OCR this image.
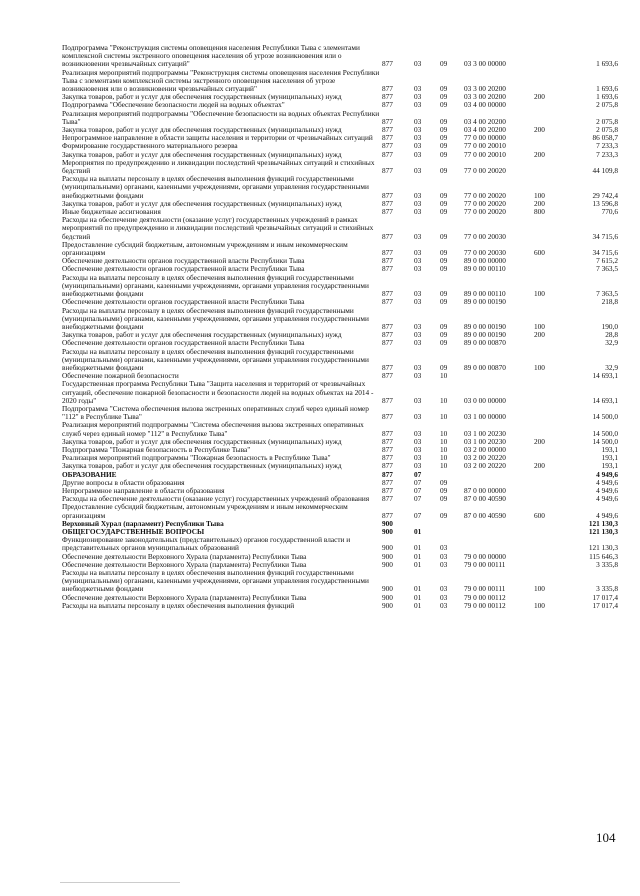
Подпрограмма "Реконструкция системы оповещения населения Республики Тыва с элементами комплексной системы экстренного оповещения населения об угрозе возникновения или о возникновении чрезвычайных ситуаций"	877	03	09	03 3 00 00000		1 693,6
Реализация мероприятий подпрограммы "Реконструкция системы оповещения населения Республики Тыва с элементами комплексной системы экстренного оповещения населения об угрозе возникновения или о возникновении чрезвычайных ситуаций"	877	03	09	03 3 00 20200		1 693,6
Закупка товаров, работ и услуг для обеспечения государственных (муниципальных) нужд	877	03	09	03 3 00 20200	200	1 693,6
Подпрограмма "Обеспечение безопасности людей на водных объектах"	877	03	09	03 4 00 00000		2 075,8
Реализация мероприятий подпрограммы "Обеспечение безопасности на водных объектах Республики Тыва"	877	03	09	03 4 00 20200		2 075,8
Закупка товаров, работ и услуг для обеспечения государственных (муниципальных) нужд	877	03	09	03 4 00 20200	200	2 075,8
Непрограммное направление в области защиты населения и территории от чрезвычайных ситуаций	877	03	09	77 0 00 00000		86 058,7
Формирование государственного материального резерва	877	03	09	77 0 00 20010		7 233,3
Закупка товаров, работ и услуг для обеспечения государственных (муниципальных) нужд	877	03	09	77 0 00 20010	200	7 233,3
Мероприятия по предупреждению и ликвидации последствий чрезвычайных ситуаций и стихийных бедствий	877	03	09	77 0 00 20020		44 109,8
Расходы на выплаты персоналу в целях обеспечения выполнения функций государственными (муниципальными) органами, казенными учреждениями, органами управления государственными внебюджетными фондами	877	03	09	77 0 00 20020	100	29 742,4
Закупка товаров, работ и услуг для обеспечения государственных (муниципальных) нужд	877	03	09	77 0 00 20020	200	13 596,8
Иные бюджетные ассигнования	877	03	09	77 0 00 20020	800	770,6
Расходы на обеспечение деятельности (оказание услуг) государственных учреждений в рамках мероприятий по предупреждению и ликвидации последствий чрезвычайных ситуаций и стихийных бедствий	877	03	09	77 0 00 20030		34 715,6
Предоставление субсидий бюджетным, автономным учреждениям и иным некоммерческим организациям	877	03	09	77 0 00 20030	600	34 715,6
Обеспечение деятельности органов государственной власти Республики Тыва	877	03	09	89 0 00 00000		7 615,2
Обеспечение деятельности органов государственной власти Республики Тыва	877	03	09	89 0 00 00110		7 363,5
Расходы на выплаты персоналу в целях обеспечения выполнения функций государственными (муниципальными) органами, казенными учреждениями, органами управления государственными внебюджетными фондами	877	03	09	89 0 00 00110	100	7 363,5
Обеспечение деятельности органов государственной власти Республики Тыва	877	03	09	89 0 00 00190		218,8
Расходы на выплаты персоналу в целях обеспечения выполнения функций государственными (муниципальными) органами, казенными учреждениями, органами управления государственными внебюджетными фондами	877	03	09	89 0 00 00190	100	190,0
Закупка товаров, работ и услуг для обеспечения государственных (муниципальных) нужд	877	03	09	89 0 00 00190	200	28,8
Обеспечение деятельности органов государственной власти Республики Тыва	877	03	09	89 0 00 00870		32,9
Расходы на выплаты персоналу в целях обеспечения выполнения функций государственными (муниципальными) органами, казенными учреждениями, органами управления государственными внебюджетными фондами	877	03	09	89 0 00 00870	100	32,9
Обеспечение пожарной безопасности	877	03	10			14 693,1
Государственная программа Республики Тыва "Защита населения и территорий от чрезвычайных ситуаций, обеспечение пожарной безопасности и безопасности людей на водных объектах на 2014 - 2020 годы"	877	03	10	03 0 00 00000		14 693,1
Подпрограмма "Система обеспечения вызова экстренных оперативных служб через единый номер "112" в Республике Тыва"	877	03	10	03 1 00 00000		14 500,0
Реализация мероприятий подпрограммы "Система обеспечения вызова экстренных оперативных служб через единый номер "112" в Республике Тыва"	877	03	10	03 1 00 20230		14 500,0
Закупка товаров, работ и услуг для обеспечения государственных (муниципальных) нужд	877	03	10	03 1 00 20230	200	14 500,0
Подпрограмма "Пожарная безопасность в Республике Тыва"	877	03	10	03 2 00 00000		193,1
Реализация мероприятий подпрограммы "Пожарная безопасность в Республике Тыва"	877	03	10	03 2 00 20220		193,1
Закупка товаров, работ и услуг для обеспечения государственных (муниципальных) нужд	877	03	10	03 2 00 20220	200	193,1
ОБРАЗОВАНИЕ	877	07				4 949,6
Другие вопросы в области образования	877	07	09			4 949,6
Непрограммное направление в области образования	877	07	09	87 0 00 00000		4 949,6
Расходы на обеспечение деятельности (оказание услуг) государственных учреждений образования	877	07	09	87 0 00 40590		4 949,6
Предоставление субсидий бюджетным, автономным учреждениям и иным некоммерческим организациям	877	07	09	87 0 00 40590	600	4 949,6
Верховный Хурал (парламент) Республики Тыва	900					121 130,3
ОБЩЕГОСУДАРСТВЕННЫЕ ВОПРОСЫ	900	01				121 130,3
Функционирование законодательных (представительных) органов государственной власти и представительных органов муниципальных образований	900	01	03			121 130,3
Обеспечение деятельности Верховного Хурала (парламента) Республики Тыва	900	01	03	79 0 00 00000		115 646,3
Обеспечение деятельности Верховного Хурала (парламента) Республики Тыва	900	01	03	79 0 00 00111		3 335,8
Расходы на выплаты персоналу в целях обеспечения выполнения функций государственными (муниципальными) органами, казенными учреждениями, органами управления государственными внебюджетными фондами	900	01	03	79 0 00 00111	100	3 335,8
Обеспечение деятельности Верховного Хурала (парламента) Республики Тыва	900	01	03	79 0 00 00112		17 017,4
Расходы на выплаты персоналу в целях обеспечения выполнения функций	900	01	03	79 0 00 00112	100	17 017,4
104
